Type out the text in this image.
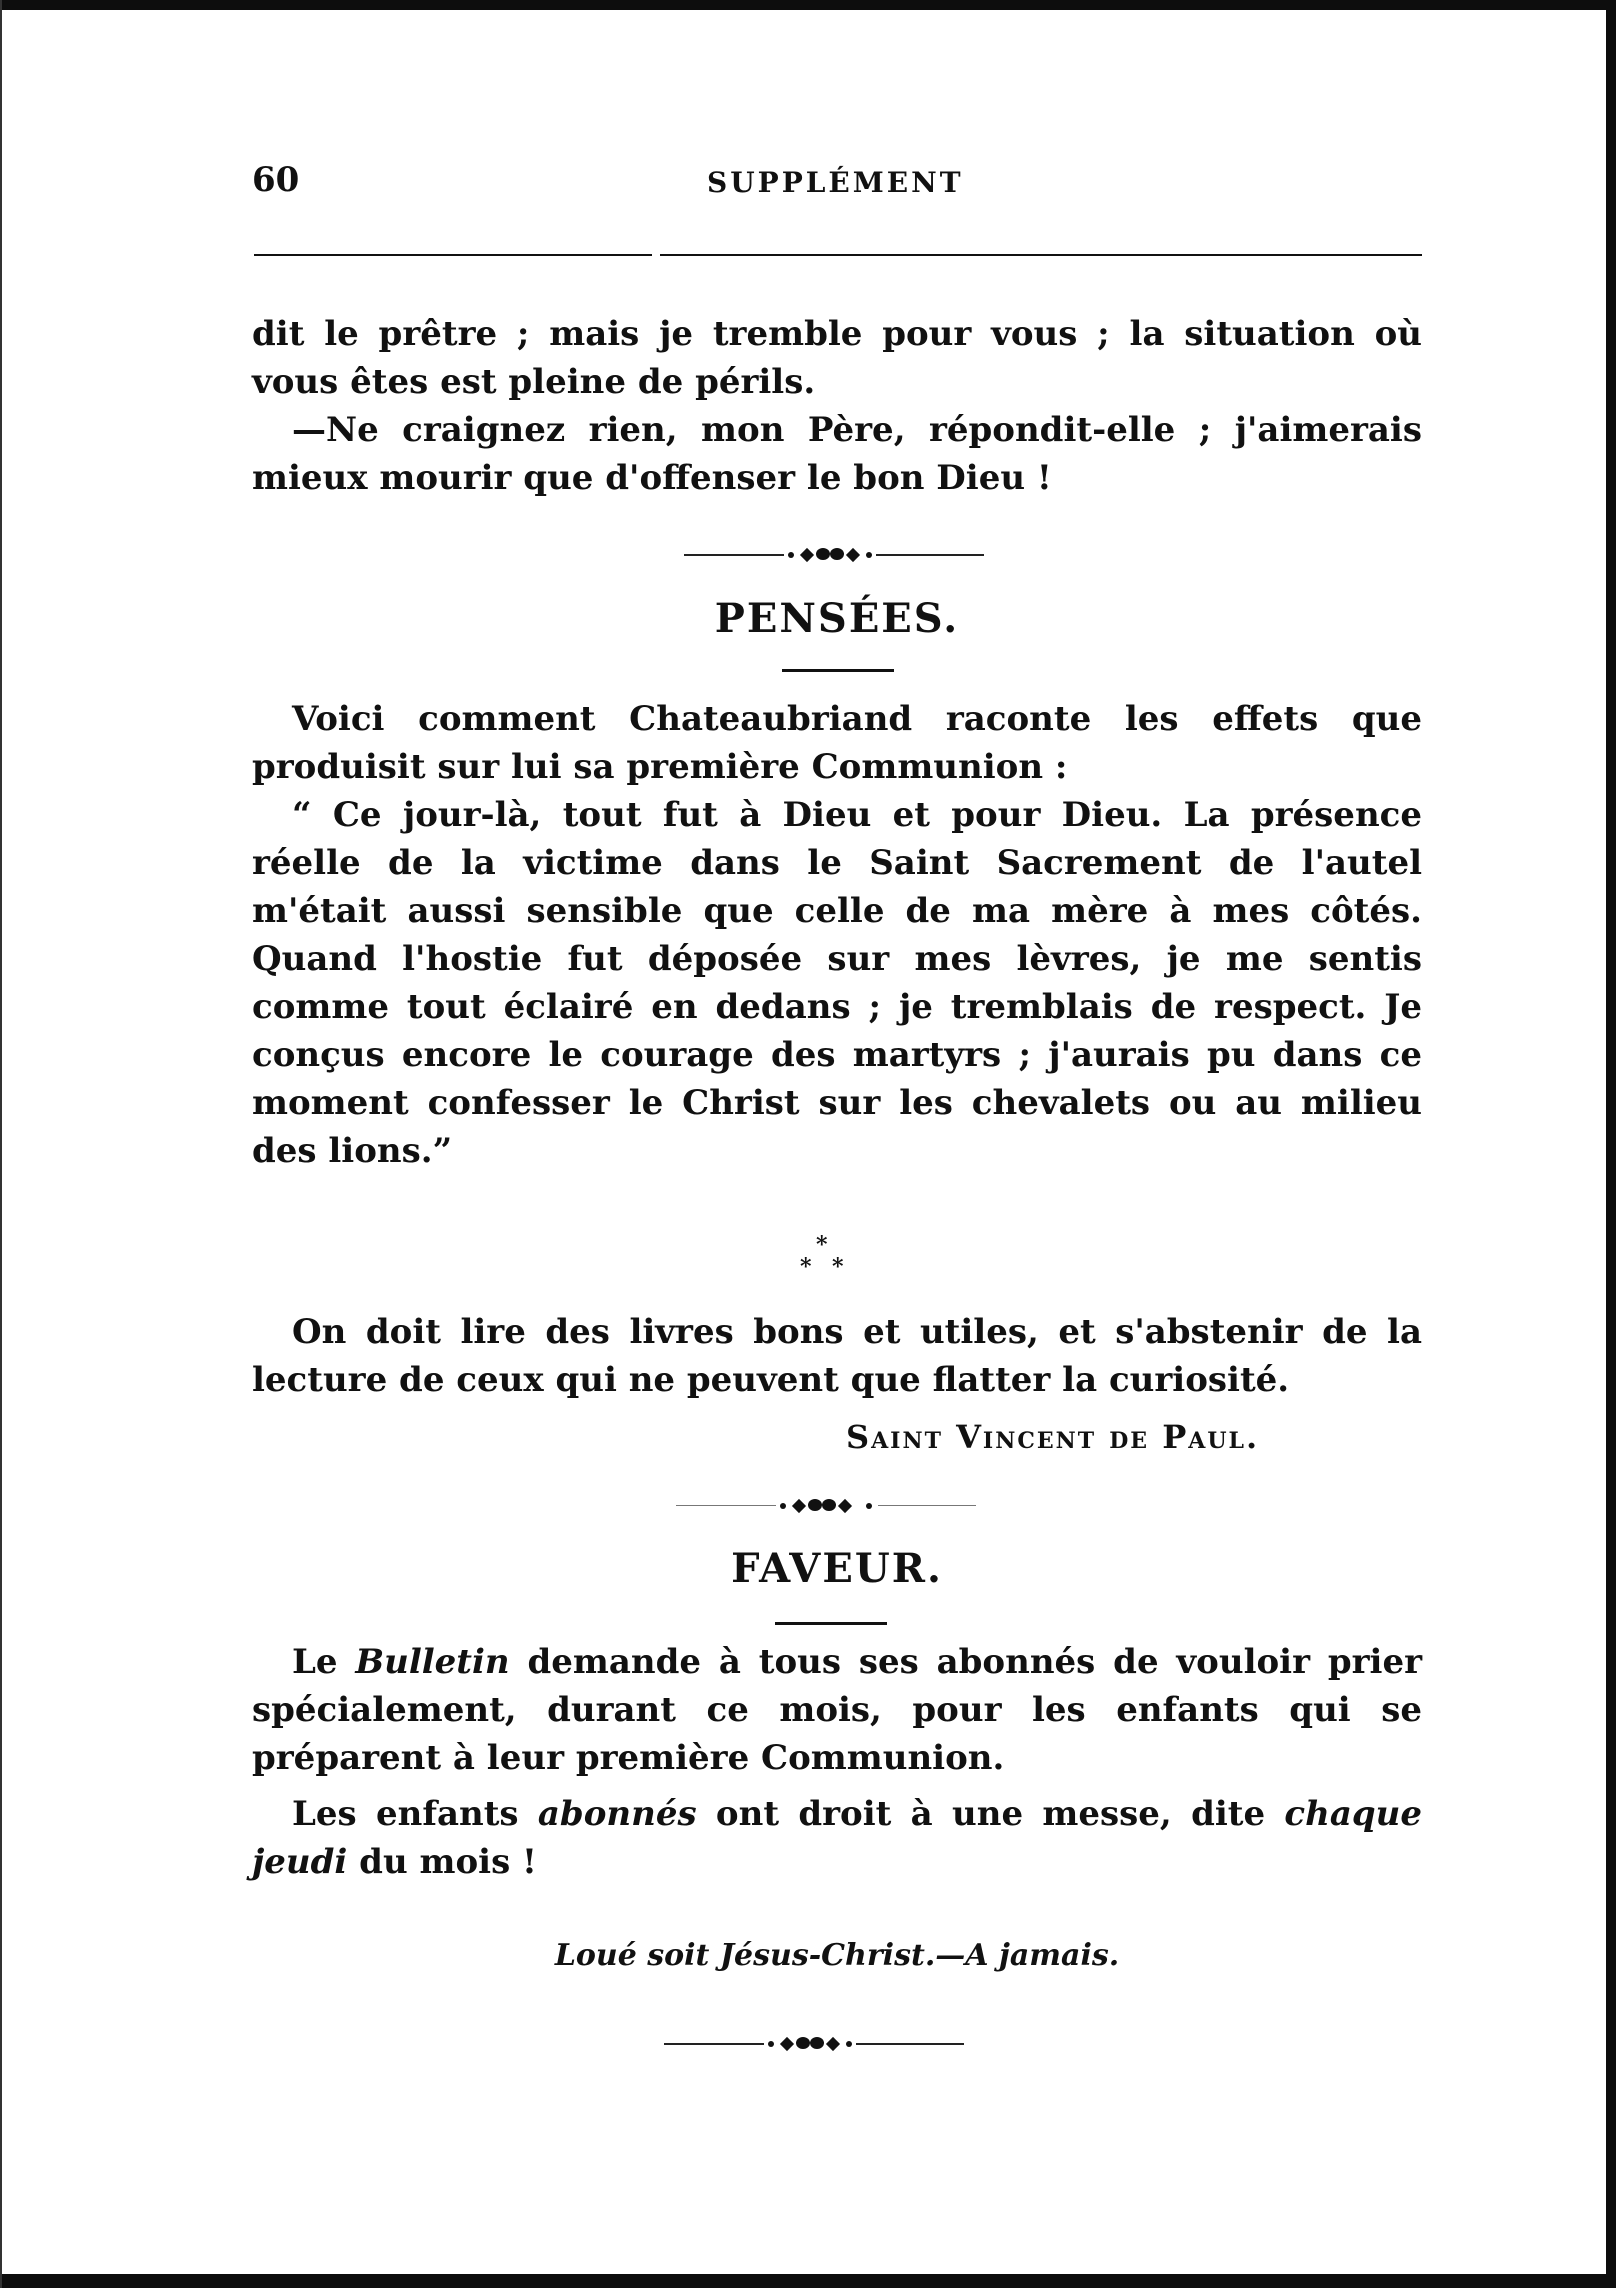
60	SUPPLÉMENT

dit le prêtre ; mais je tremble pour vous ; la situation où vous êtes est pleine de périls.

—Ne craignez rien, mon Père, répondit-elle ; j'aimerais mieux mourir que d'offenser le bon Dieu !

PENSÉES.

Voici comment Chateaubriand raconte les effets que produisit sur lui sa première Communion :

“ Ce jour-là, tout fut à Dieu et pour Dieu. La présence réelle de la victime dans le Saint Sacrement de l'autel m'était aussi sensible que celle de ma mère à mes côtés. Quand l'hostie fut déposée sur mes lèvres, je me sentis comme tout éclairé en dedans ; je tremblais de respect. Je conçus encore le courage des martyrs ; j'aurais pu dans ce moment confesser le Christ sur les chevalets ou au milieu des lions.”

*
* *

On doit lire des livres bons et utiles, et s'abstenir de la lecture de ceux qui ne peuvent que flatter la curiosité.

Saint Vincent de Paul.
FAVEUR.

Le Bulletin demande à tous ses abonnés de vouloir prier spécialement, durant ce mois, pour les enfants qui se préparent à leur première Communion.

Les enfants abonnés ont droit à une messe, dite chaque jeudi du mois !

Loué soit Jésus-Christ.—A jamais.
